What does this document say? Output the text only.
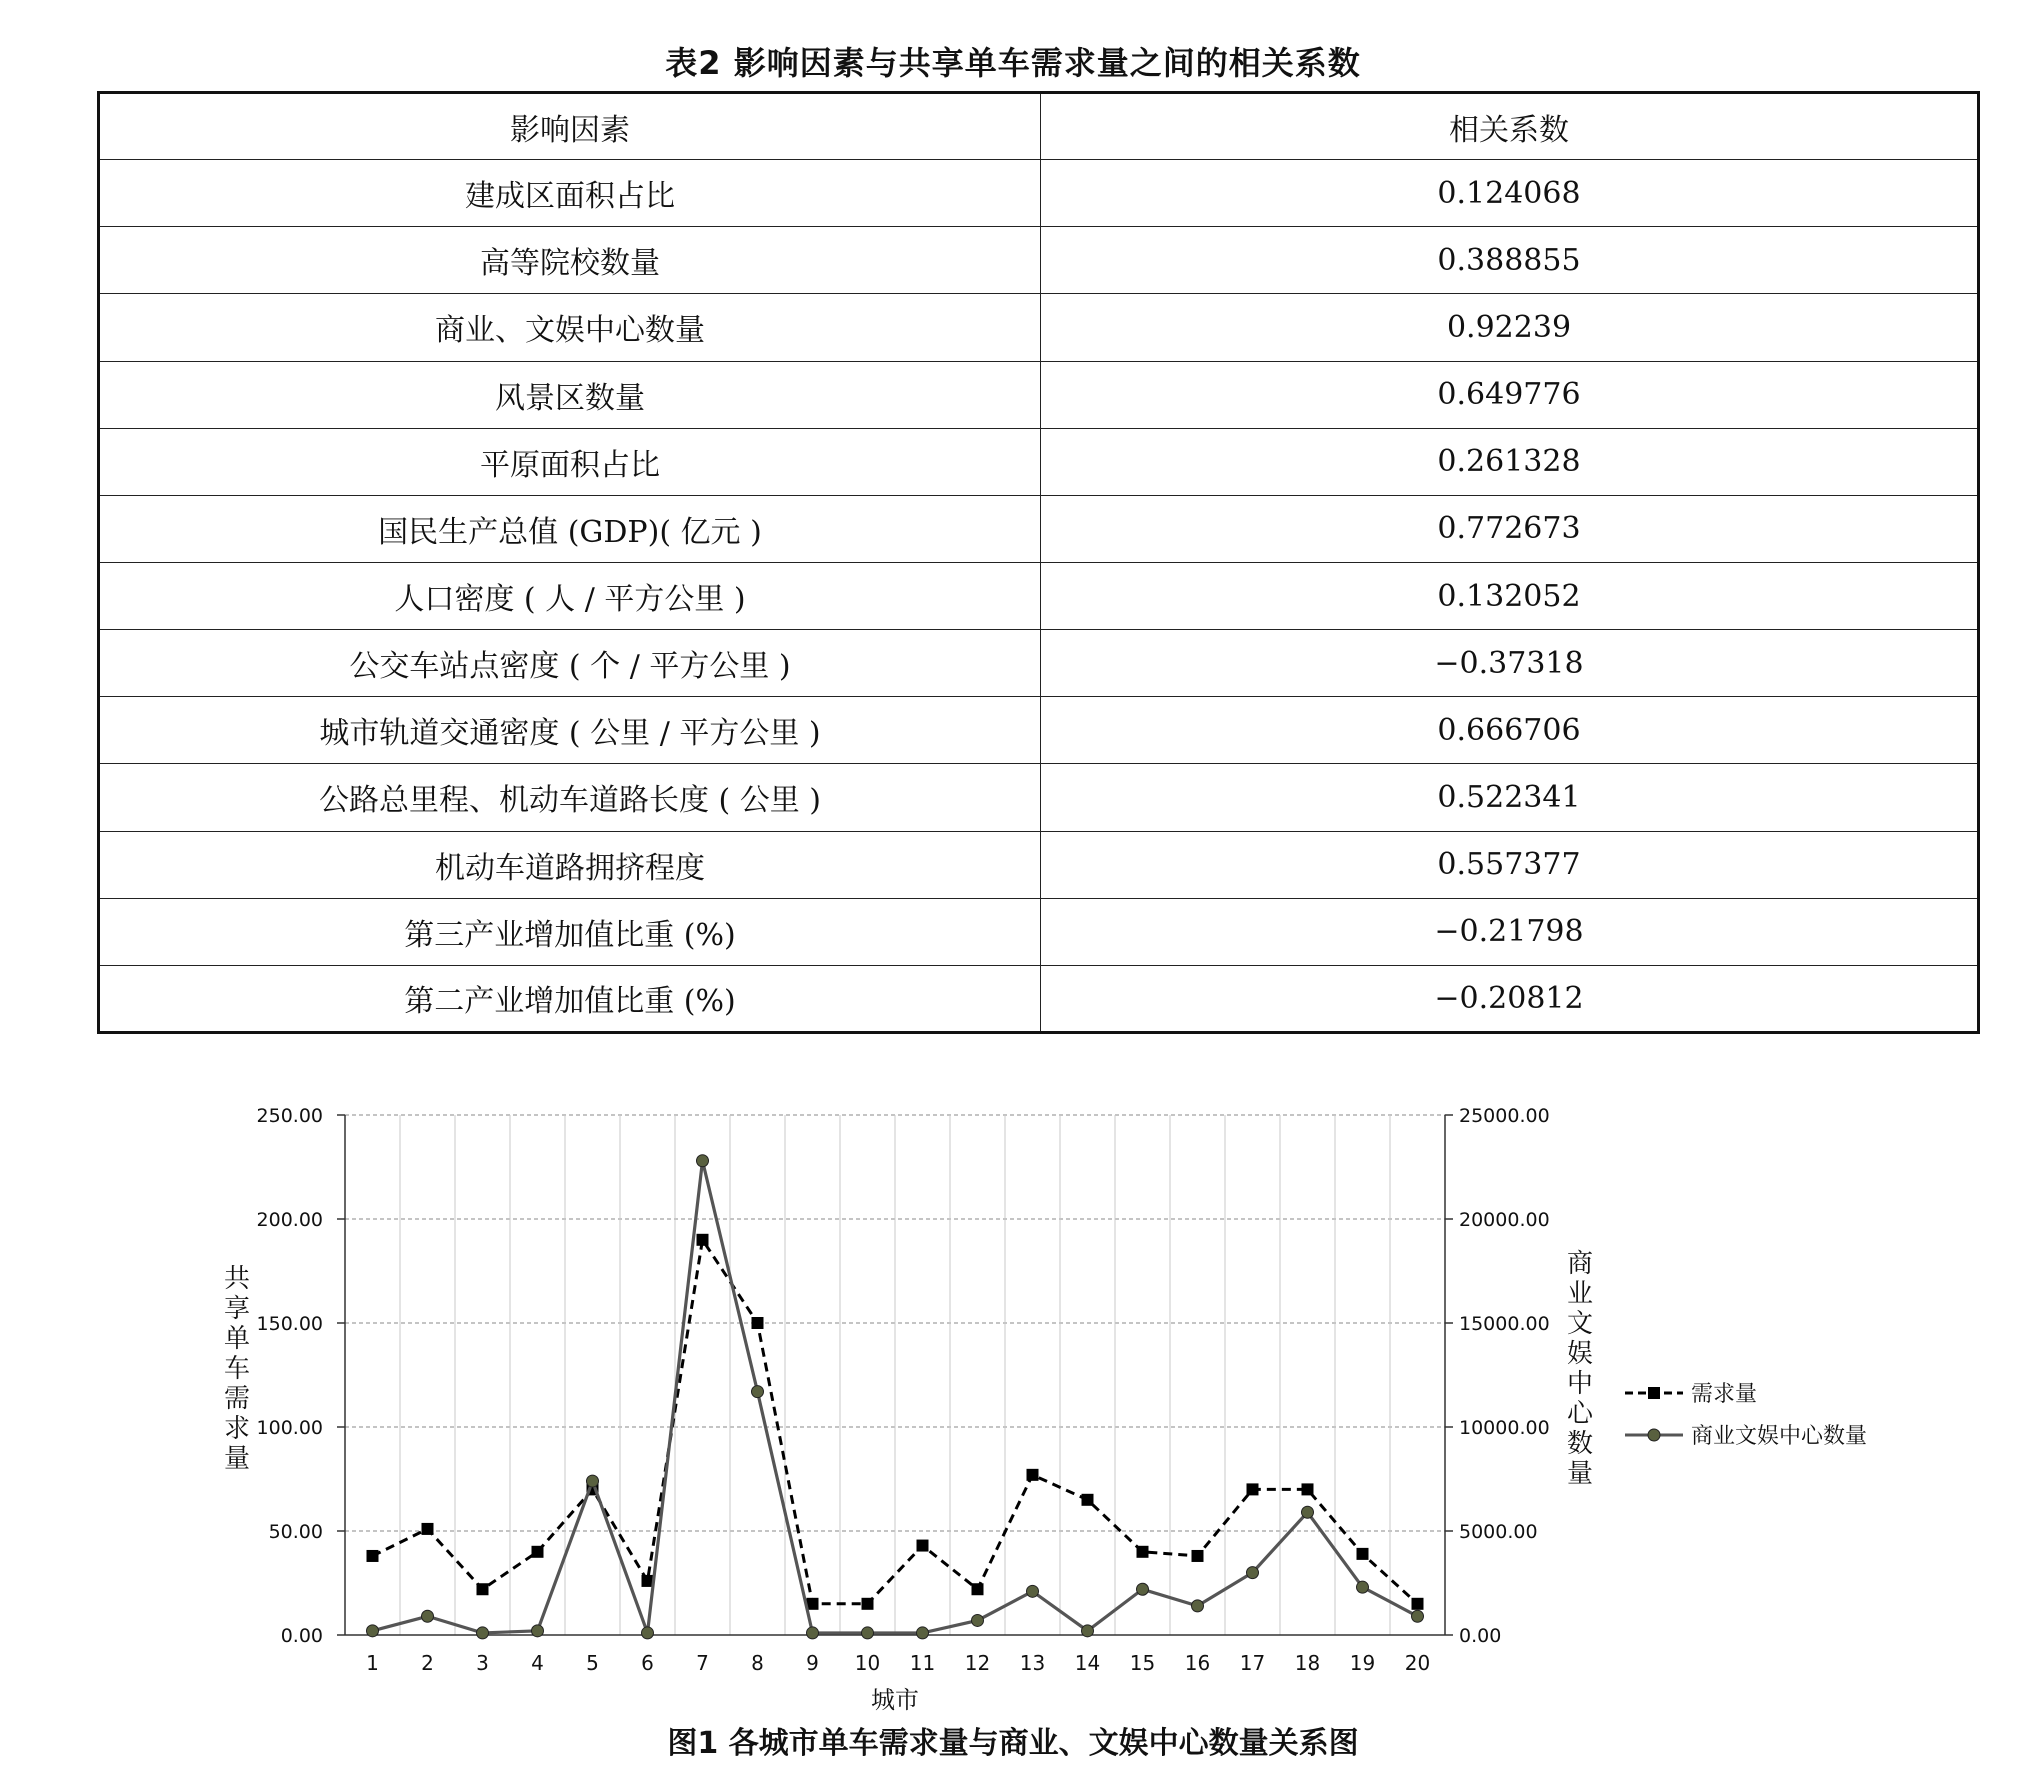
表2 影响因素与共享单车需求量之间的相关系数
影响因素	相关系数
建成区面积占比	0.124068
高等院校数量	0.388855
商业、文娱中心数量	0.92239
风景区数量	0.649776
平原面积占比	0.261328
国民生产总值 (GDP)( 亿元 )	0.772673
人口密度 ( 人 / 平方公里 )	0.132052
公交车站点密度 ( 个 / 平方公里 )	−0.37318
城市轨道交通密度 ( 公里 / 平方公里 )	0.666706
公路总里程、机动车道路长度 ( 公里 )	0.522341
机动车道路拥挤程度	0.557377
第三产业增加值比重 (%)	−0.21798
第二产业增加值比重 (%)	−0.20812
0.00	0.00
50.00	5000.00
100.00	10000.00
150.00	15000.00
200.00	20000.00
250.00	25000.00
1 2 3 4 5 6 7 8 9 10 11 12 13 14 15 16 17 18 19 20
城市
共享单车需求量
商业文娱中心数量
需求量
商业文娱中心数量
图1 各城市单车需求量与商业、文娱中心数量关系图
